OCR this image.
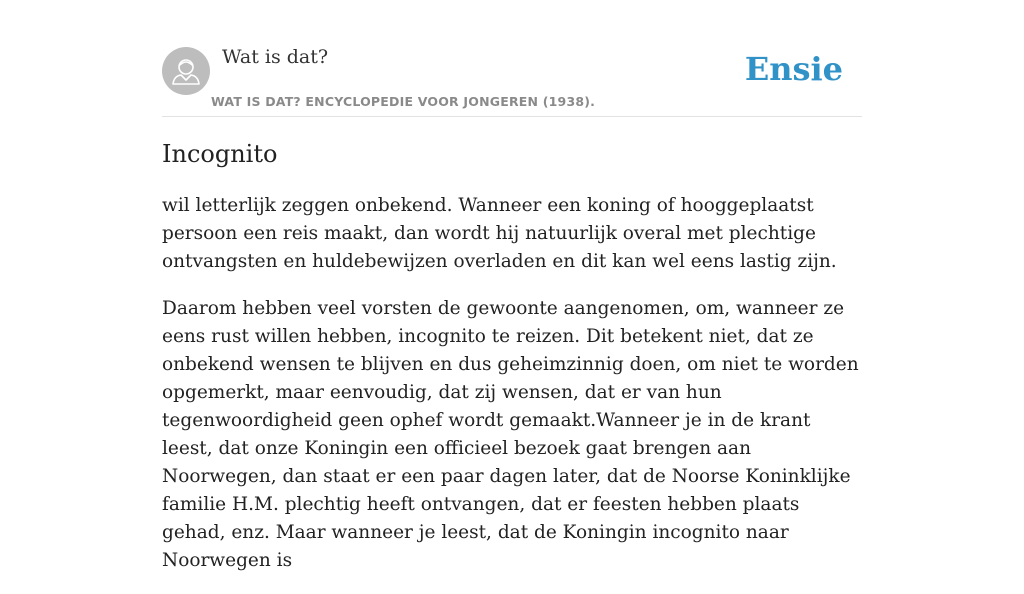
Wat is dat?
WAT IS DAT? ENCYCLOPEDIE VOOR JONGEREN (1938).
Ensie
Incognito

wil letterlijk zeggen onbekend. Wanneer een koning of hooggeplaatst persoon een reis maakt, dan wordt hij natuurlijk overal met plechtige ontvangsten en huldebewijzen overladen en dit kan wel eens lastig zijn.

Daarom hebben veel vorsten de gewoonte aangenomen, om, wanneer ze eens rust willen hebben, incognito te reizen. Dit betekent niet, dat ze onbekend wensen te blijven en dus geheimzinnig doen, om niet te worden opgemerkt, maar eenvoudig, dat zij wensen, dat er van hun tegenwoordigheid geen ophef wordt gemaakt.Wanneer je in de krant leest, dat onze Koningin een officieel bezoek gaat brengen aan Noorwegen, dan staat er een paar dagen later, dat de Noorse Koninklijke familie H.M. plechtig heeft ontvangen, dat er feesten hebben plaats gehad, enz. Maar wanneer je leest, dat de Koningin incognito naar Noorwegen is
